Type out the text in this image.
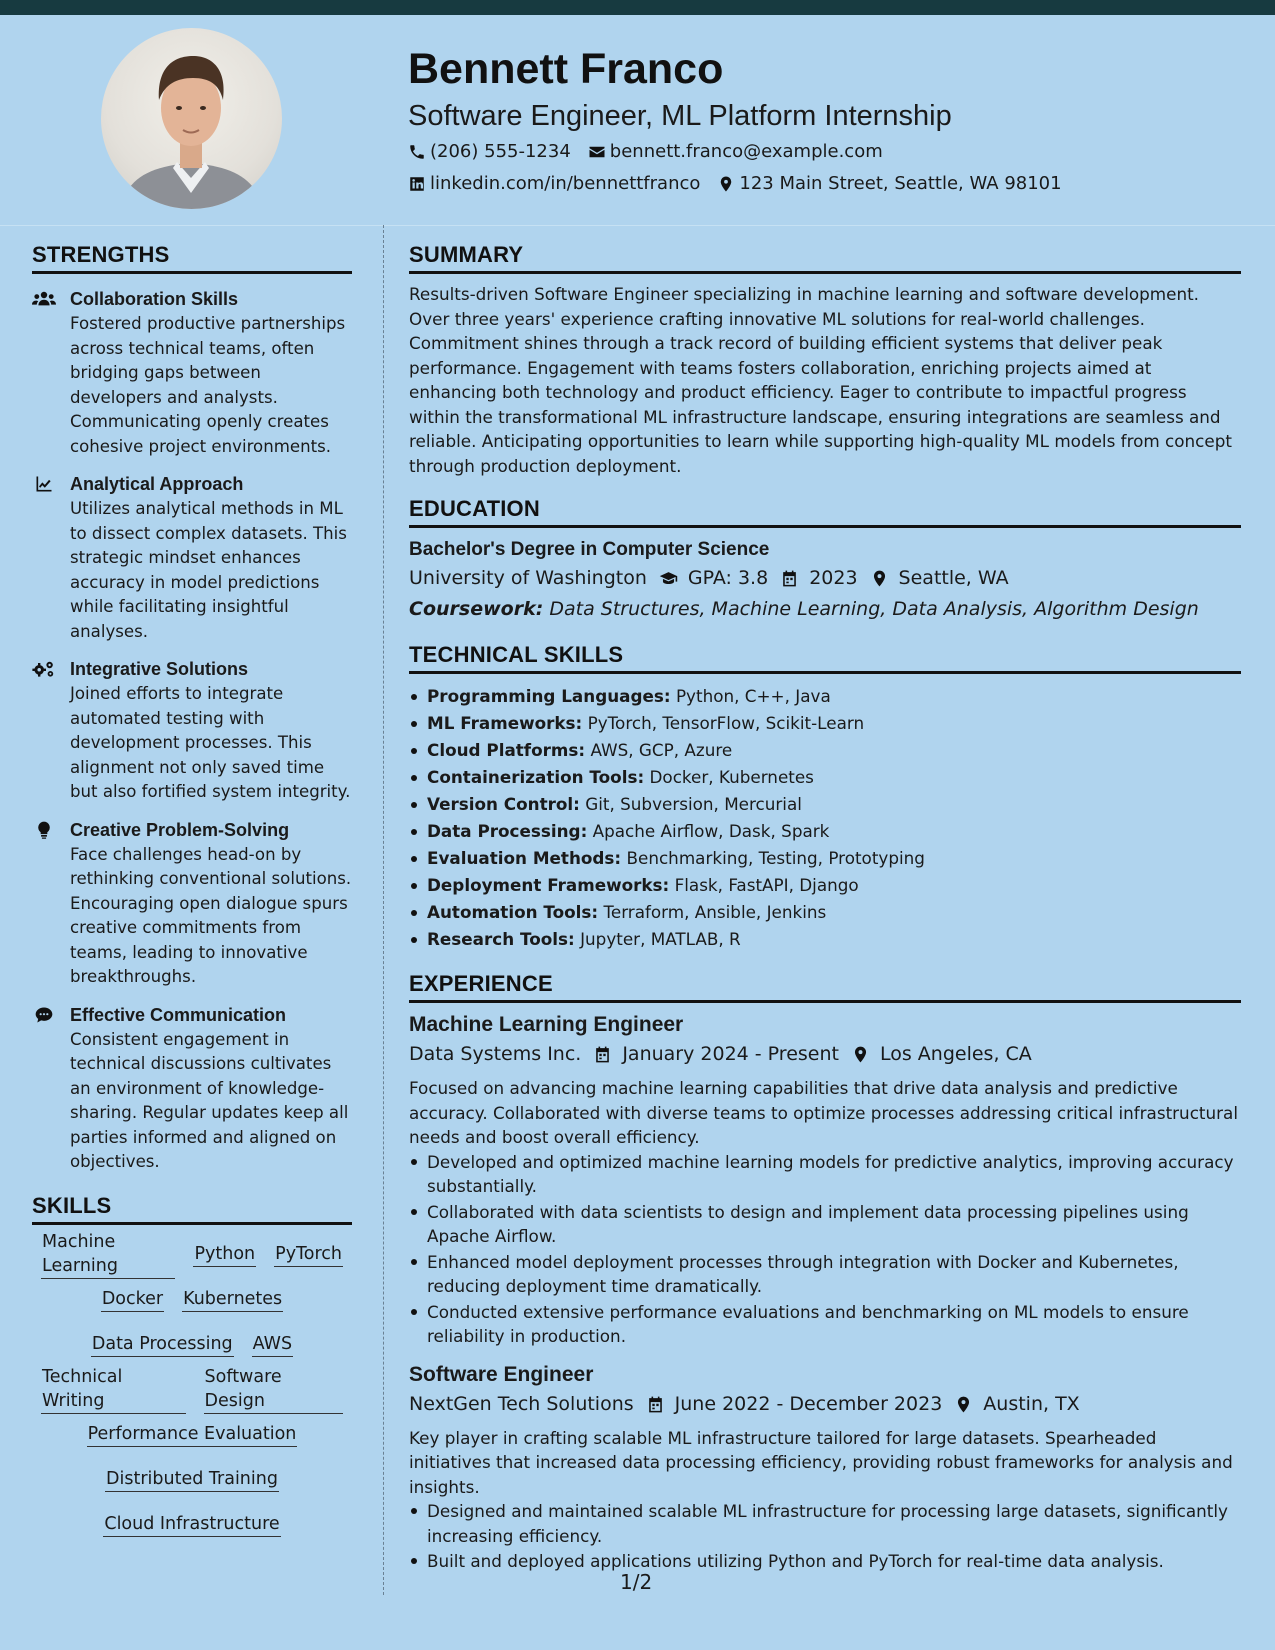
Bennett Franco
Software Engineer, ML Platform Internship
(206) 555-1234 bennett.franco@example.com
linkedin.com/in/bennettfranco 123 Main Street, Seattle, WA 98101
STRENGTHS
Collaboration Skills
Fostered productive partnerships across technical teams, often bridging gaps between developers and analysts. Communicating openly creates cohesive project environments.
Analytical Approach
Utilizes analytical methods in ML to dissect complex datasets. This strategic mindset enhances accuracy in model predictions while facilitating insightful analyses.
Integrative Solutions
Joined efforts to integrate automated testing with development processes. This alignment not only saved time but also fortified system integrity.
Creative Problem-Solving
Face challenges head-on by rethinking conventional solutions. Encouraging open dialogue spurs creative commitments from teams, leading to innovative breakthroughs.
Effective Communication
Consistent engagement in technical discussions cultivates an environment of knowledge-sharing. Regular updates keep all parties informed and aligned on objectives.
SKILLS
Machine Learning
Python PyTorch
Docker Kubernetes
Data Processing AWS
Technical Writing
Software Design
Performance Evaluation
Distributed Training
Cloud Infrastructure
SUMMARY
Results-driven Software Engineer specializing in machine learning and software development. Over three years' experience crafting innovative ML solutions for real-world challenges. Commitment shines through a track record of building efficient systems that deliver peak performance. Engagement with teams fosters collaboration, enriching projects aimed at enhancing both technology and product efficiency. Eager to contribute to impactful progress within the transformational ML infrastructure landscape, ensuring integrations are seamless and reliable. Anticipating opportunities to learn while supporting high-quality ML models from concept through production deployment.
EDUCATION
Bachelor's Degree in Computer Science
University of Washington GPA: 3.8 2023 Seattle, WA
Coursework: Data Structures, Machine Learning, Data Analysis, Algorithm Design
TECHNICAL SKILLS
Programming Languages: Python, C++, Java
ML Frameworks: PyTorch, TensorFlow, Scikit-Learn
Cloud Platforms: AWS, GCP, Azure
Containerization Tools: Docker, Kubernetes
Version Control: Git, Subversion, Mercurial
Data Processing: Apache Airflow, Dask, Spark
Evaluation Methods: Benchmarking, Testing, Prototyping
Deployment Frameworks: Flask, FastAPI, Django
Automation Tools: Terraform, Ansible, Jenkins
Research Tools: Jupyter, MATLAB, R
EXPERIENCE
Machine Learning Engineer
Data Systems Inc. January 2024 - Present Los Angeles, CA
Focused on advancing machine learning capabilities that drive data analysis and predictive accuracy. Collaborated with diverse teams to optimize processes addressing critical infrastructural needs and boost overall efficiency.
Developed and optimized machine learning models for predictive analytics, improving accuracy substantially.
Collaborated with data scientists to design and implement data processing pipelines using Apache Airflow.
Enhanced model deployment processes through integration with Docker and Kubernetes, reducing deployment time dramatically.
Conducted extensive performance evaluations and benchmarking on ML models to ensure reliability in production.
Software Engineer
NextGen Tech Solutions June 2022 - December 2023 Austin, TX
Key player in crafting scalable ML infrastructure tailored for large datasets. Spearheaded initiatives that increased data processing efficiency, providing robust frameworks for analysis and insights.
Designed and maintained scalable ML infrastructure for processing large datasets, significantly increasing efficiency.
Built and deployed applications utilizing Python and PyTorch for real-time data analysis.
1/2
